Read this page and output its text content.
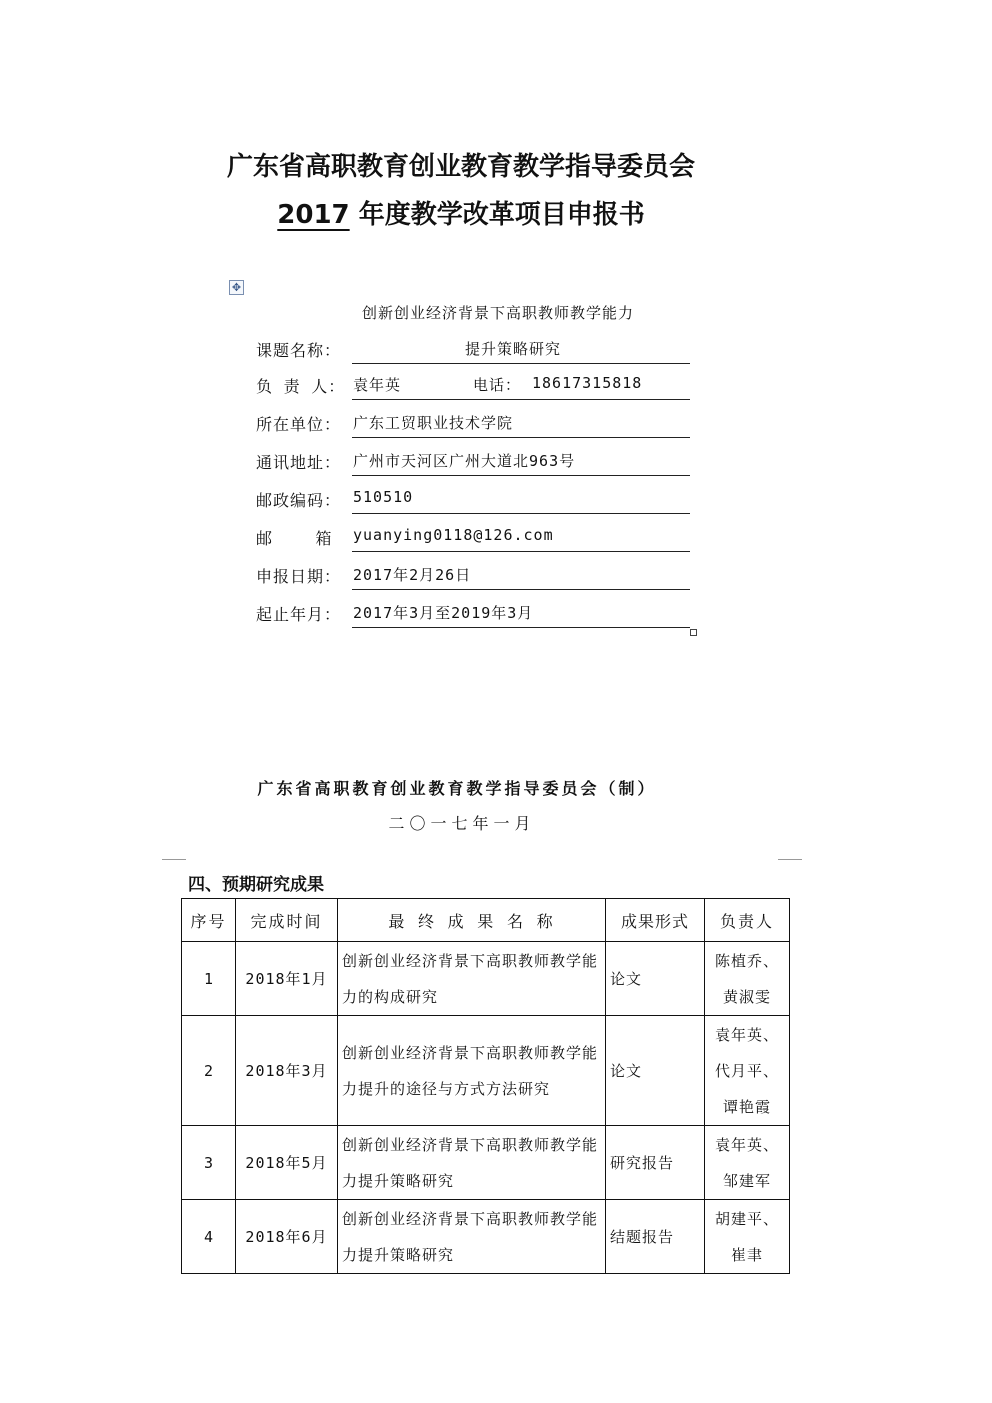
广东省高职教育创业教育教学指导委员会
2017 年度教学改革项目申报书
✥
创新创业经济背景下高职教师教学能力
课题名称：	提升策略研究
负 责 人： 袁年英	电话： 18617315818
所在单位： 广东工贸职业技术学院
通讯地址： 广州市天河区广州大道北963号
邮政编码： 510510
邮    箱 yuanying0118@126.com
申报日期： 2017年2月26日
起止年月： 2017年3月至2019年3月
广东省高职教育创业教育教学指导委员会（制）
二〇一七年一月
四、预期研究成果
序号	完成时间	最 终 成 果 名 称	成果形式	负责人
1	2018年1月	创新创业经济背景下高职教师教学能力的构成研究	论文	陈植乔、
黄淑雯

2	2018年3月	创新创业经济背景下高职教师教学能力提升的途径与方式方法研究	论文	袁年英、
代月平、
谭艳霞

3	2018年5月	创新创业经济背景下高职教师教学能力提升策略研究	研究报告	袁年英、
邹建军

4	2018年6月	创新创业经济背景下高职教师教学能力提升策略研究	结题报告	胡建平、
崔聿
